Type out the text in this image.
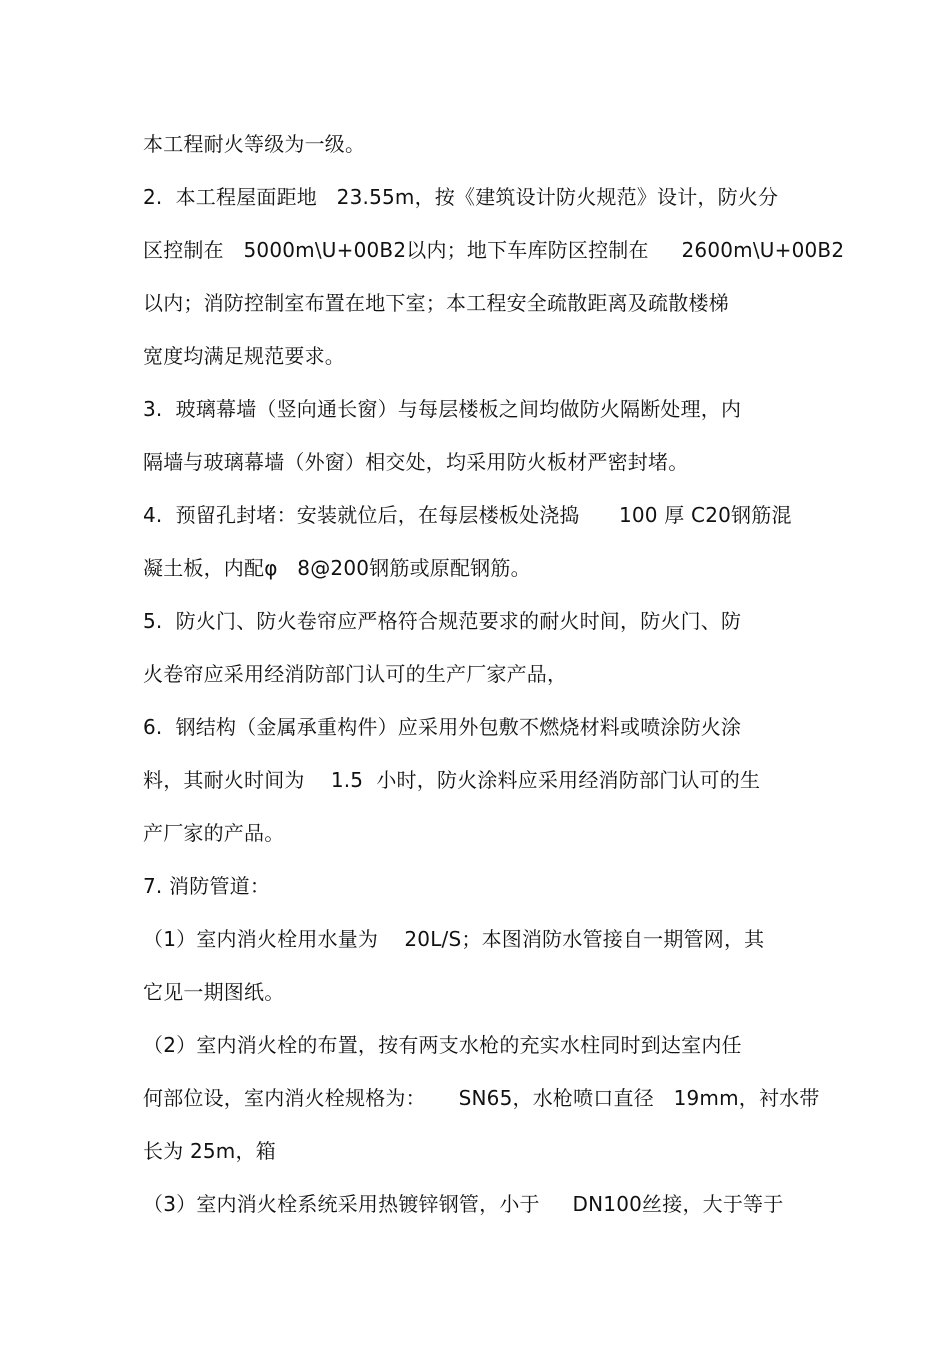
本工程耐火等级为一级。
2.  本工程屋面距地   23.55m，按《建筑设计防火规范》设计，防火分
区控制在   5000m\U+00B2以内；地下车库防区控制在     2600m\U+00B2
以内；消防控制室布置在地下室；本工程安全疏散距离及疏散楼梯
宽度均满足规范要求。
3.  玻璃幕墙（竖向通长窗）与每层楼板之间均做防火隔断处理，内
隔墙与玻璃幕墙（外窗）相交处，均采用防火板材严密封堵。
4.  预留孔封堵：安装就位后，在每层楼板处浇捣      100 厚 C20钢筋混
凝土板，内配φ   8@200钢筋或原配钢筋。
5.  防火门、防火卷帘应严格符合规范要求的耐火时间，防火门、防
火卷帘应采用经消防部门认可的生产厂家产品，
6.  钢结构（金属承重构件）应采用外包敷不燃烧材料或喷涂防火涂
料，其耐火时间为    1.5  小时，防火涂料应采用经消防部门认可的生
产厂家的产品。
7. 消防管道：
（1）室内消火栓用水量为    20L/S；本图消防水管接自一期管网，其
它见一期图纸。
（2）室内消火栓的布置，按有两支水枪的充实水柱同时到达室内任
何部位设，室内消火栓规格为：     SN65，水枪喷口直径   19mm，衬水带
长为 25m，箱
（3）室内消火栓系统采用热镀锌钢管，小于     DN100丝接，大于等于
